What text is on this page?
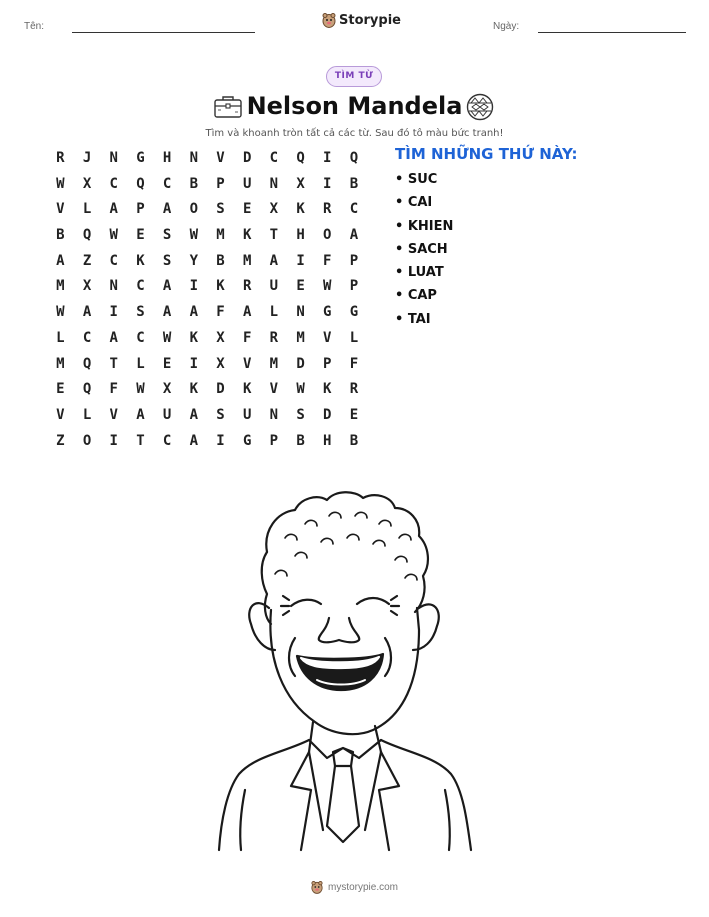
Tên:	Storypie	Ngày:
TÌM TỪ
Nelson Mandela
Tìm và khoanh tròn tất cả các từ. Sau đó tô màu bức tranh!
R	J	N	G	H	N	V	D	C	Q	I	Q
W	X	C	Q	C	B	P	U	N	X	I	B
V	L	A	P	A	O	S	E	X	K	R	C
B	Q	W	E	S	W	M	K	T	H	O	A
A	Z	C	K	S	Y	B	M	A	I	F	P
M	X	N	C	A	I	K	R	U	E	W	P
W	A	I	S	A	A	F	A	L	N	G	G
L	C	A	C	W	K	X	F	R	M	V	L
M	Q	T	L	E	I	X	V	M	D	P	F
E	Q	F	W	X	K	D	K	V	W	K	R
V	L	V	A	U	A	S	U	N	S	D	E
Z	O	I	T	C	A	I	G	P	B	H	B
TÌM NHỮNG THỨ NÀY:
• SUC
• CAI
• KHIEN
• SACH
• LUAT
• CAP
• TAI
mystorypie.com
